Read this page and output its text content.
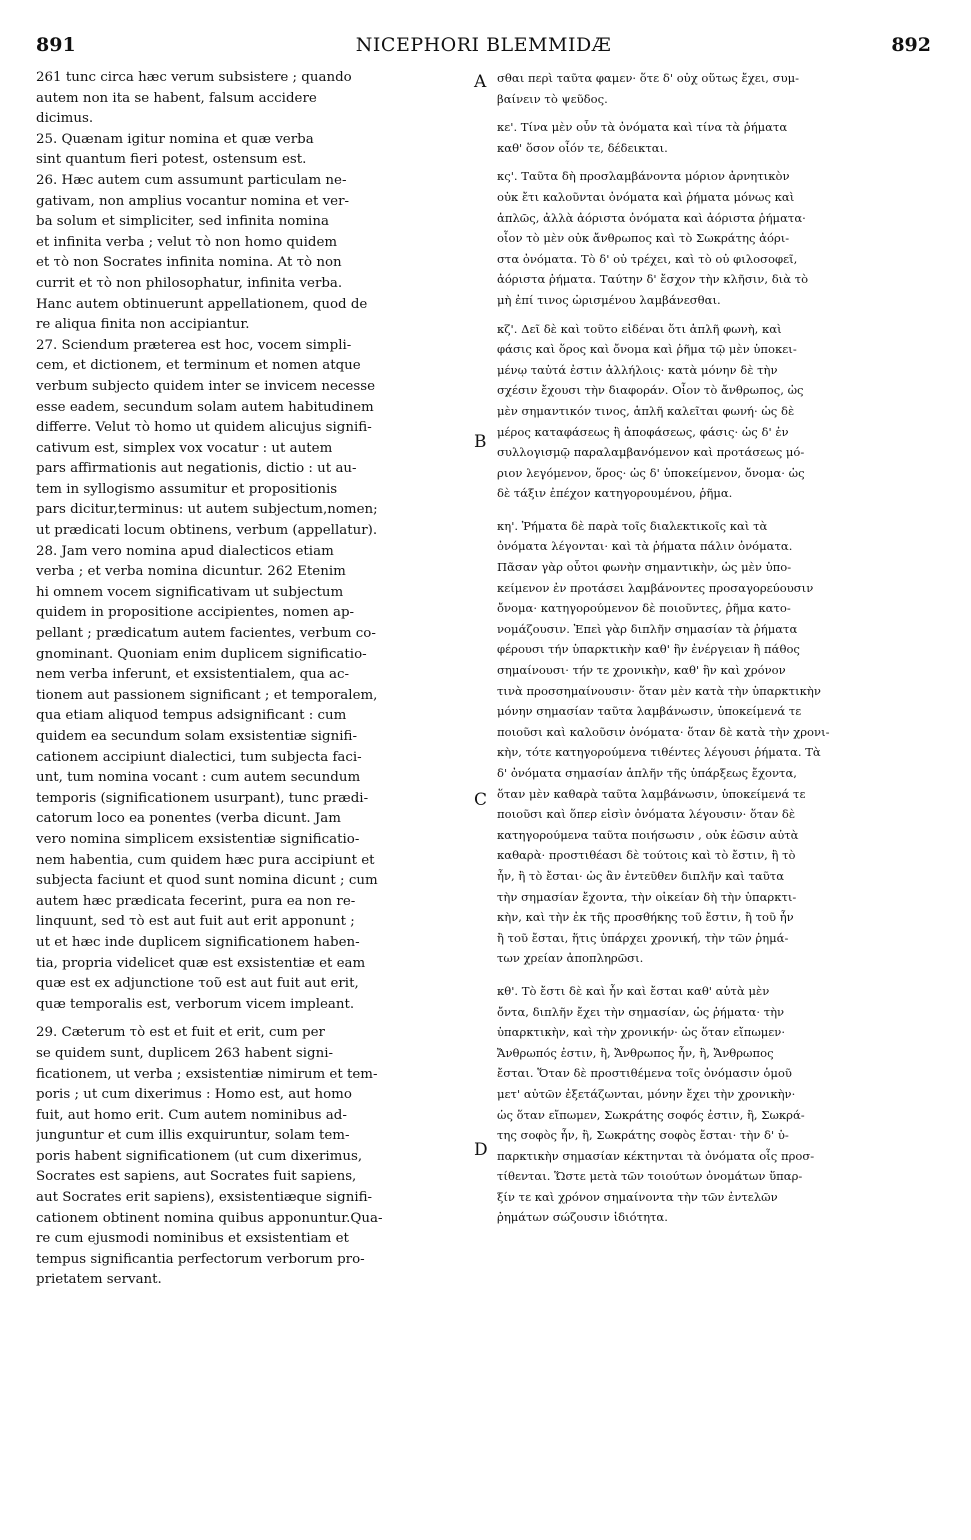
891	NICEPHORI BLEMMIDÆ	892
A
B
C
D
261 tunc circa hæc verum subsistere ; quando
autem non ita se habent, falsum accidere
dicimus.
25. Quænam igitur nomina et quæ verba
sint quantum fieri potest, ostensum est.
26. Hæc autem cum assumunt particulam ne-
gativam, non amplius vocantur nomina et ver-
ba solum et simpliciter, sed infinita nomina
et infinita verba ; velut τὸ non homo quidem
et τὸ non Socrates infinita nomina. At τὸ non
currit et τὸ non philosophatur, infinita verba.
Hanc autem obtinuerunt appellationem, quod de
re aliqua finita non accipiantur.
27. Sciendum præterea est hoc, vocem simpli-
cem, et dictionem, et terminum et nomen atque
verbum subjecto quidem inter se invicem necesse
esse eadem, secundum solam autem habitudinem
differre. Velut τὸ homo ut quidem alicujus signifi-
cativum est, simplex vox vocatur : ut autem
pars affirmationis aut negationis, dictio : ut au-
tem in syllogismo assumitur et propositionis
pars dicitur,terminus: ut autem subjectum,nomen;
ut prædicati locum obtinens, verbum (appellatur).
28. Jam vero nomina apud dialecticos etiam
verba ; et verba nomina dicuntur. 262 Etenim
hi omnem vocem significativam ut subjectum
quidem in propositione accipientes, nomen ap-
pellant ; prædicatum autem facientes, verbum co-
gnominant. Quoniam enim duplicem significatio-
nem verba inferunt, et exsistentialem, qua ac-
tionem aut passionem significant ; et temporalem,
qua etiam aliquod tempus adsignificant : cum
quidem ea secundum solam exsistentiæ signifi-
cationem accipiunt dialectici, tum subjecta faci-
unt, tum nomina vocant : cum autem secundum
temporis (significationem usurpant), tunc prædi-
catorum loco ea ponentes (verba dicunt. Jam
vero nomina simplicem exsistentiæ significatio-
nem habentia, cum quidem hæc pura accipiunt et
subjecta faciunt et quod sunt nomina dicunt ; cum
autem hæc prædicata fecerint, pura ea non re-
linquunt, sed τὸ est aut fuit aut erit apponunt ;
ut et hæc inde duplicem significationem haben-
tia, propria videlicet quæ est exsistentiæ et eam
quæ est ex adjunctione τοῦ est aut fuit aut erit,
quæ temporalis est, verborum vicem impleant.
29. Cæterum τὸ est et fuit et erit, cum per
se quidem sunt, duplicem 263 habent signi-
ficationem, ut verba ; exsistentiæ nimirum et tem-
poris ; ut cum dixerimus : Homo est, aut homo
fuit, aut homo erit. Cum autem nominibus ad-
junguntur et cum illis exquiruntur, solam tem-
poris habent significationem (ut cum dixerimus,
Socrates est sapiens, aut Socrates fuit sapiens,
aut Socrates erit sapiens), exsistentiæque signifi-
cationem obtinent nomina quibus apponuntur.Qua-
re cum ejusmodi nominibus et exsistentiam et
tempus significantia perfectorum verborum pro-
prietatem servant.
σθαι περὶ ταῦτα φαμεν· ὅτε δ' οὐχ οὕτως ἔχει, συμ-
βαίνειν τὸ ψεῦδος.
κε'. Τίνα μὲν οὖν τὰ ὀνόματα καὶ τίνα τὰ ῥήματα
καθ' ὅσον οἷόν τε, δέδεικται.
κς'. Ταῦτα δὴ προσλαμβάνοντα μόριον ἀρνητικὸν
οὐκ ἔτι καλοῦνται ὀνόματα καὶ ῥήματα μόνως καὶ
ἁπλῶς, ἀλλὰ ἀόριστα ὀνόματα καὶ ἀόριστα ῥήματα·
οἷον τὸ μὲν οὐκ ἄνθρωπος καὶ τὸ Σωκράτης ἀόρι-
στα ὀνόματα. Τὸ δ' οὐ τρέχει, καὶ τὸ οὐ φιλοσοφεῖ,
ἀόριστα ῥήματα. Ταύτην δ' ἔσχον τὴν κλῆσιν, διὰ τὸ
μὴ ἐπί τινος ὡρισμένου λαμβάνεσθαι.
κζ'. Δεῖ δὲ καὶ τοῦτο εἰδέναι ὅτι ἁπλῆ φωνὴ, καὶ
φάσις καὶ ὅρος καὶ ὄνομα καὶ ῥῆμα τῷ μὲν ὑποκει-
μένῳ ταὐτά ἐστιν ἀλλήλοις· κατὰ μόνην δὲ τὴν
σχέσιν ἔχουσι τὴν διαφοράν. Οἷον τὸ ἄνθρωπος, ὡς
μὲν σημαντικόν τινος, ἁπλῆ καλεῖται φωνή· ὡς δὲ
μέρος καταφάσεως ἢ ἀποφάσεως, φάσις· ὡς δ' ἐν
συλλογισμῷ παραλαμβανόμενον καὶ προτάσεως μό-
ριον λεγόμενον, ὅρος· ὡς δ' ὑποκείμενον, ὄνομα· ὡς
δὲ τάξιν ἐπέχον κατηγορουμένου, ῥῆμα.
κη'. Ῥήματα δὲ παρὰ τοῖς διαλεκτικοῖς καὶ τὰ
ὀνόματα λέγονται· καὶ τὰ ῥήματα πάλιν ὀνόματα.
Πᾶσαν γὰρ οὗτοι φωνὴν σημαντικὴν, ὡς μὲν ὑπο-
κείμενον ἐν προτάσει λαμβάνοντες προσαγορεύουσιν
ὄνομα· κατηγορούμενον δὲ ποιοῦντες, ῥῆμα κατο-
νομάζουσιν. Ἐπεὶ γὰρ διπλῆν σημασίαν τὰ ῥήματα
φέρουσι τήν ὑπαρκτικὴν καθ' ἣν ἐνέργειαν ἢ πάθος
σημαίνουσι· τήν τε χρονικὴν, καθ' ἣν καὶ χρόνον
τινὰ προσσημαίνουσιν· ὅταν μὲν κατὰ τὴν ὑπαρκτικὴν
μόνην σημασίαν ταῦτα λαμβάνωσιν, ὑποκείμενά τε
ποιοῦσι καὶ καλοῦσιν ὀνόματα· ὅταν δὲ κατὰ τὴν χρονι-
κὴν, τότε κατηγορούμενα τιθέντες λέγουσι ῥήματα. Τὰ
δ' ὀνόματα σημασίαν ἁπλῆν τῆς ὑπάρξεως ἔχοντα,
ὅταν μὲν καθαρὰ ταῦτα λαμβάνωσιν, ὑποκείμενά τε
ποιοῦσι καὶ ὅπερ εἰσὶν ὀνόματα λέγουσιν· ὅταν δὲ
κατηγορούμενα ταῦτα ποιήσωσιν , οὐκ ἐῶσιν αὐτὰ
καθαρὰ· προστιθέασι δὲ τούτοις καὶ τὸ ἔστιν, ἢ τὸ
ἦν, ἢ τὸ ἔσται· ὡς ἂν ἐντεῦθεν διπλῆν καὶ ταῦτα
τὴν σημασίαν ἔχοντα, τὴν οἰκείαν δὴ τὴν ὑπαρκτι-
κὴν, καὶ τὴν ἐκ τῆς προσθήκης τοῦ ἔστιν, ἢ τοῦ ἦν
ἢ τοῦ ἔσται, ἥτις ὑπάρχει χρονική, τὴν τῶν ῥημά-
των χρείαν ἀποπληρῶσι.
κθ'. Τὸ ἔστι δὲ καὶ ἦν καὶ ἔσται καθ' αὑτὰ μὲν
ὄντα, διπλῆν ἔχει τὴν σημασίαν, ὡς ῥήματα· τὴν
ὑπαρκτικὴν, καὶ τὴν χρονικήν· ὡς ὅταν εἴπωμεν·
Ἄνθρωπός ἐστιν, ἢ, Ἄνθρωπος ἦν, ἢ, Ἄνθρωπος
ἔσται. Ὅταν δὲ προστιθέμενα τοῖς ὀνόμασιν ὁμοῦ
μετ' αὐτῶν ἐξετάζωνται, μόνην ἔχει τὴν χρονικὴν·
ὡς ὅταν εἴπωμεν, Σωκράτης σοφός ἐστιν, ἢ, Σωκρά-
της σοφὸς ἦν, ἢ, Σωκράτης σοφὸς ἔσται· τὴν δ' ὑ-
παρκτικὴν σημασίαν κέκτηνται τὰ ὀνόματα οἷς προσ-
τίθενται. Ὥστε μετὰ τῶν τοιούτων ὀνομάτων ὕπαρ-
ξίν τε καὶ χρόνον σημαίνοντα τὴν τῶν ἐντελῶν
ῥημάτων σώζουσιν ἰδιότητα.
